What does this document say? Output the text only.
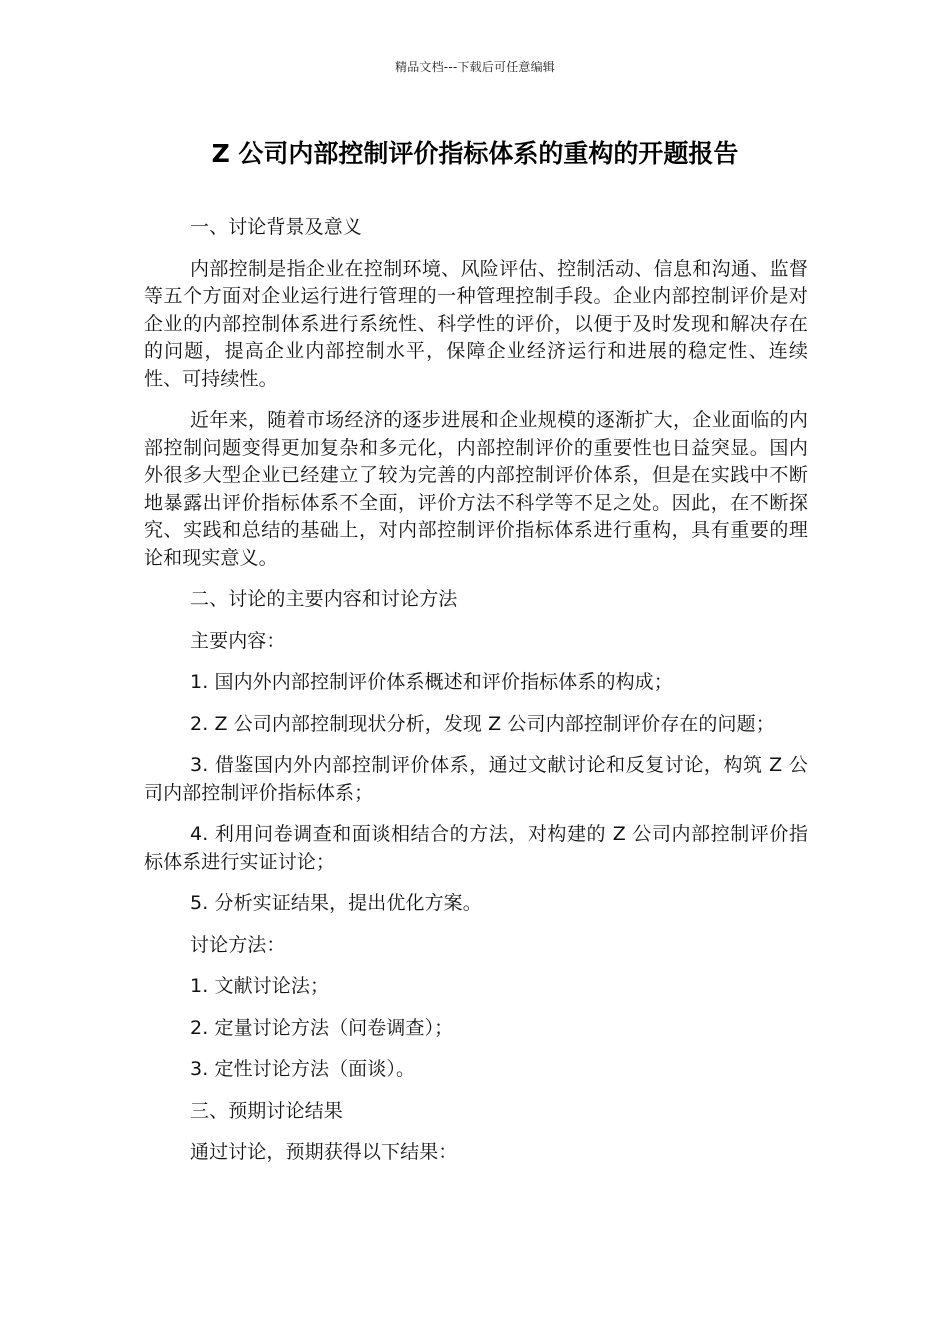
精品文档---下载后可任意编辑
Z 公司内部控制评价指标体系的重构的开题报告

一、讨论背景及意义

内部控制是指企业在控制环境、风险评估、控制活动、信息和沟通、监督等五个方面对企业运行进行管理的一种管理控制手段。企业内部控制评价是对企业的内部控制体系进行系统性、科学性的评价，以便于及时发现和解决存在的问题，提高企业内部控制水平，保障企业经济运行和进展的稳定性、连续性、可持续性。

近年来，随着市场经济的逐步进展和企业规模的逐渐扩大，企业面临的内部控制问题变得更加复杂和多元化，内部控制评价的重要性也日益突显。国内外很多大型企业已经建立了较为完善的内部控制评价体系，但是在实践中不断地暴露出评价指标体系不全面，评价方法不科学等不足之处。因此，在不断探究、实践和总结的基础上，对内部控制评价指标体系进行重构，具有重要的理论和现实意义。

二、讨论的主要内容和讨论方法

主要内容：

1. 国内外内部控制评价体系概述和评价指标体系的构成；

2. Z 公司内部控制现状分析，发现 Z 公司内部控制评价存在的问题；

3. 借鉴国内外内部控制评价体系，通过文献讨论和反复讨论，构筑 Z 公司内部控制评价指标体系；

4. 利用问卷调查和面谈相结合的方法，对构建的 Z 公司内部控制评价指标体系进行实证讨论；

5. 分析实证结果，提出优化方案。

讨论方法：

1. 文献讨论法；

2. 定量讨论方法（问卷调查）；

3. 定性讨论方法（面谈）。

三、预期讨论结果

通过讨论，预期获得以下结果：
